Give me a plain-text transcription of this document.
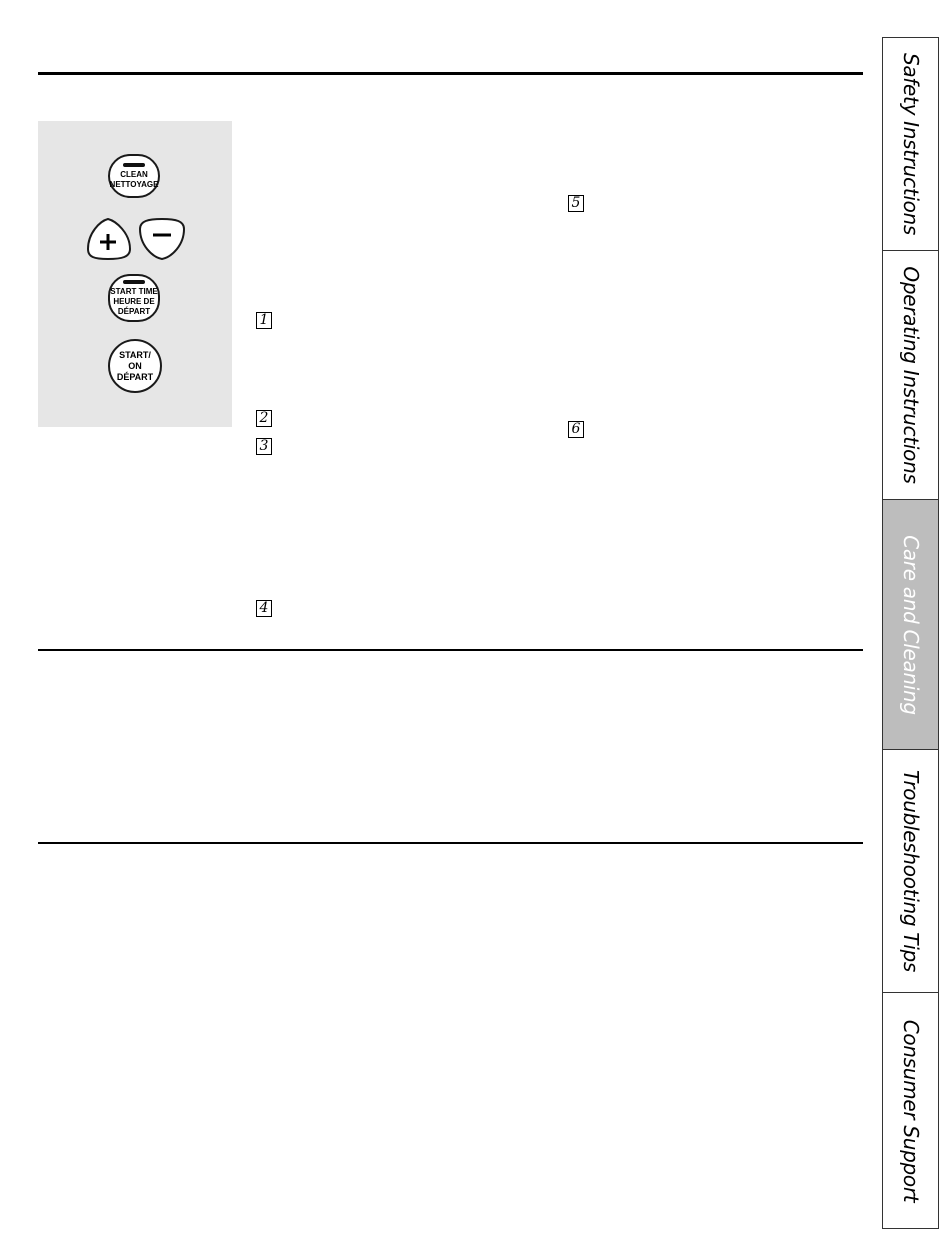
CLEAN
NETTOYAGE
START TIME
HEURE DE
DÉPART
START/
ON
DÉPART
1
2
3
4
5
6
Safety Instructions
Operating Instructions
Care and Cleaning
Troubleshooting Tips
Consumer Support
